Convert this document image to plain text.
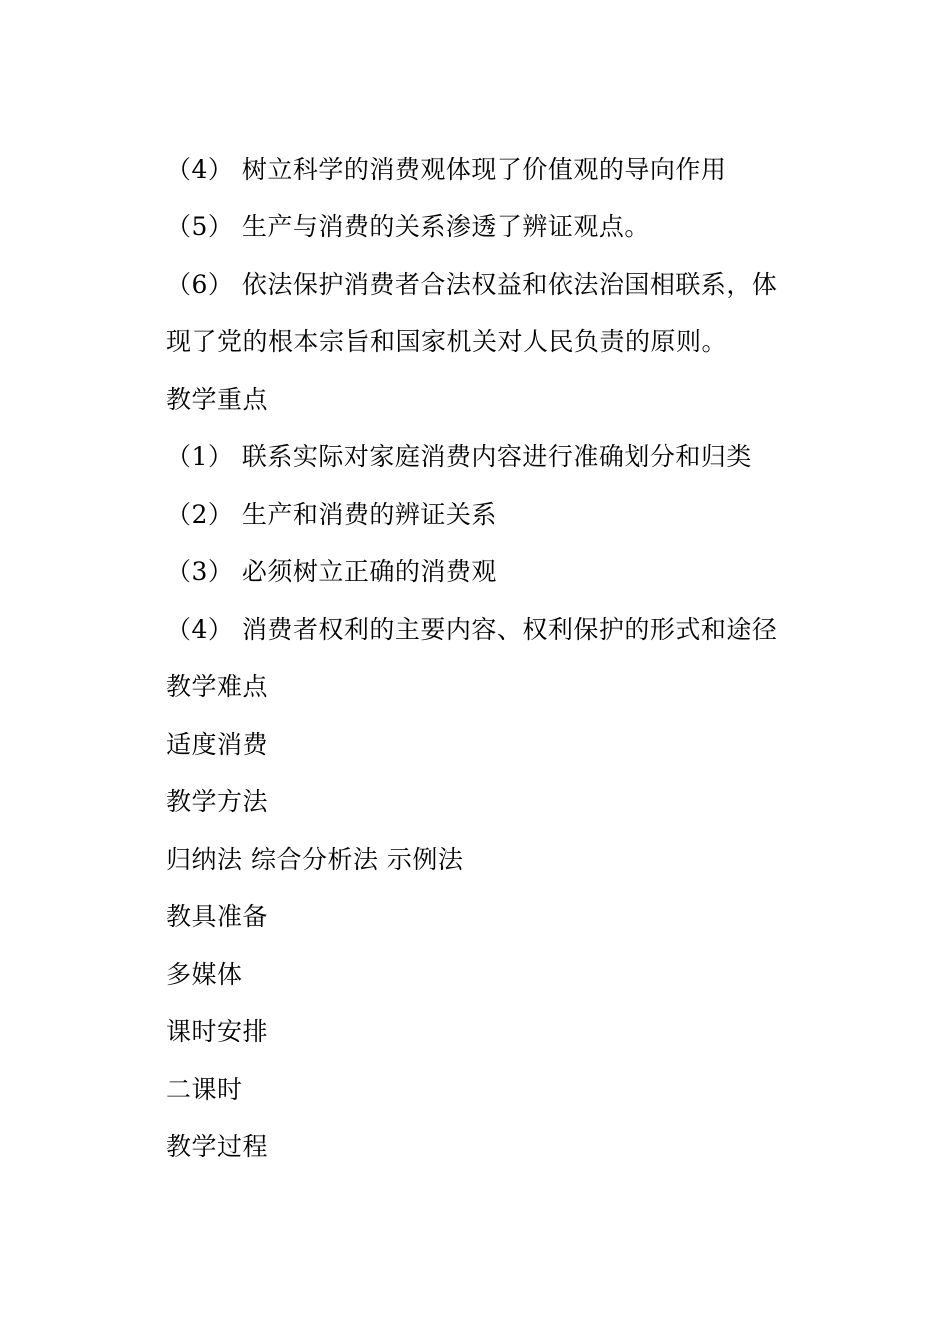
（4） 树立科学的消费观体现了价值观的导向作用
（5） 生产与消费的关系渗透了辨证观点。
（6） 依法保护消费者合法权益和依法治国相联系，体
现了党的根本宗旨和国家机关对人民负责的原则。
教学重点
（1） 联系实际对家庭消费内容进行准确划分和归类
（2） 生产和消费的辨证关系
（3） 必须树立正确的消费观
（4） 消费者权利的主要内容、权利保护的形式和途径
教学难点
适度消费
教学方法
归纳法 综合分析法 示例法
教具准备
多媒体
课时安排
二课时
教学过程
